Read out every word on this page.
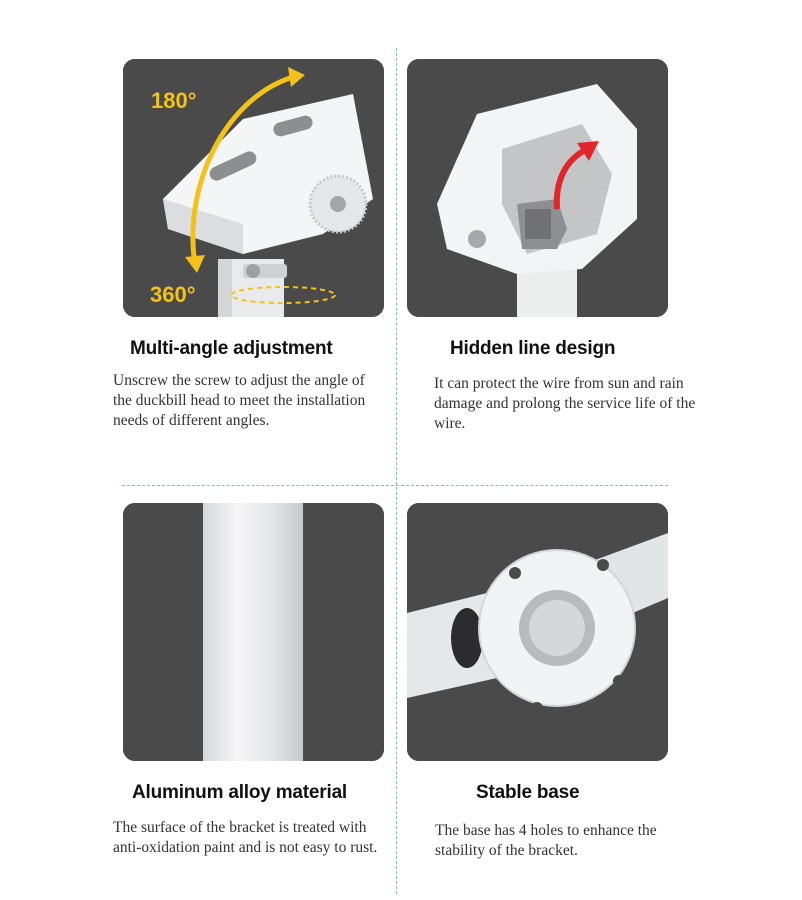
180°
360°
Multi-angle adjustment
Unscrew the screw to adjust the angle of the duckbill head to meet the installation needs of different angles.
Hidden line design
It can protect the wire from sun and rain damage and prolong the service life of the wire.
Aluminum alloy material
The surface of the bracket is treated with anti-oxidation paint and is not easy to rust.
Stable base
The base has 4 holes to enhance the stability of the bracket.
